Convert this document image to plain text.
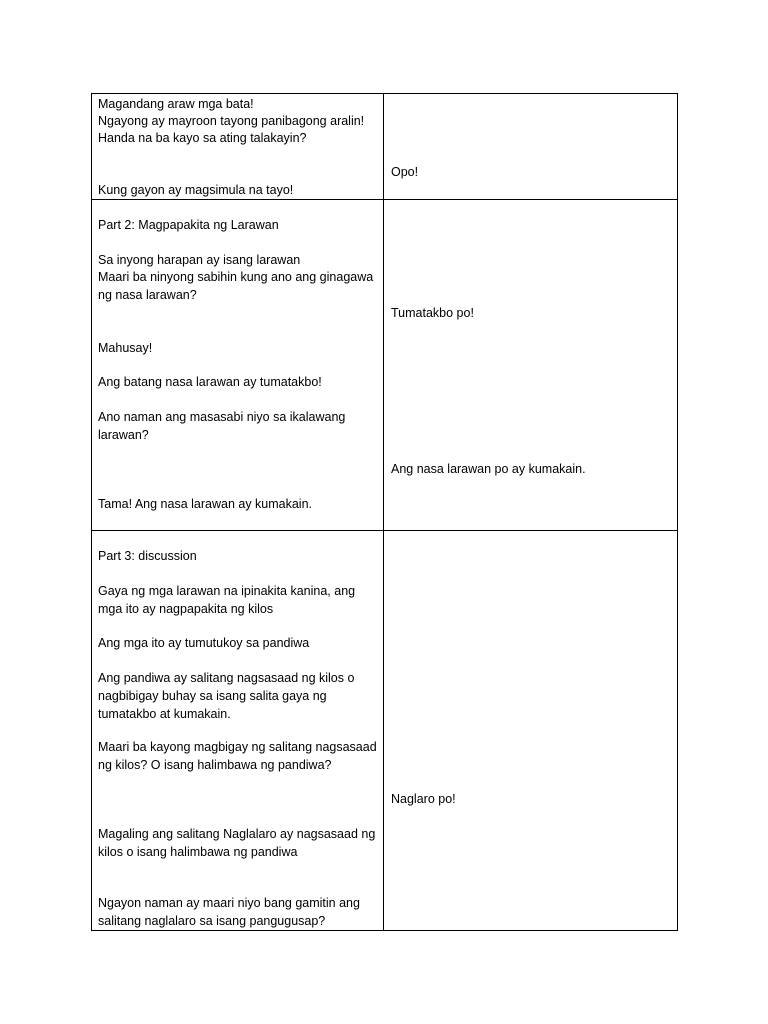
Magandang araw mga bata!
Ngayong ay mayroon tayong panibagong aralin!
Handa na ba kayo sa ating talakayin?
Kung gayon ay magsimula na tayo!
Opo!
Part 2: Magpapakita ng Larawan
Sa inyong harapan ay isang larawan
Maari ba ninyong sabihin kung ano ang ginagawa ng nasa larawan?
Mahusay!
Ang batang nasa larawan ay tumatakbo!
Ano naman ang masasabi niyo sa ikalawang larawan?
Tama! Ang nasa larawan ay kumakain.
Tumatakbo po!
Ang nasa larawan po ay kumakain.
Part 3: discussion
Gaya ng mga larawan na ipinakita kanina, ang mga ito ay nagpapakita ng kilos
Ang mga ito ay tumutukoy sa pandiwa
Ang pandiwa ay salitang nagsasaad ng kilos o nagbibigay buhay sa isang salita gaya ng tumatakbo at kumakain.
Maari ba kayong magbigay ng salitang nagsasaad ng kilos? O isang halimbawa ng pandiwa?
Magaling ang salitang Naglalaro ay nagsasaad ng kilos o isang halimbawa ng pandiwa
Ngayon naman ay maari niyo bang gamitin ang salitang naglalaro sa isang pangugusap?
Naglaro po!
